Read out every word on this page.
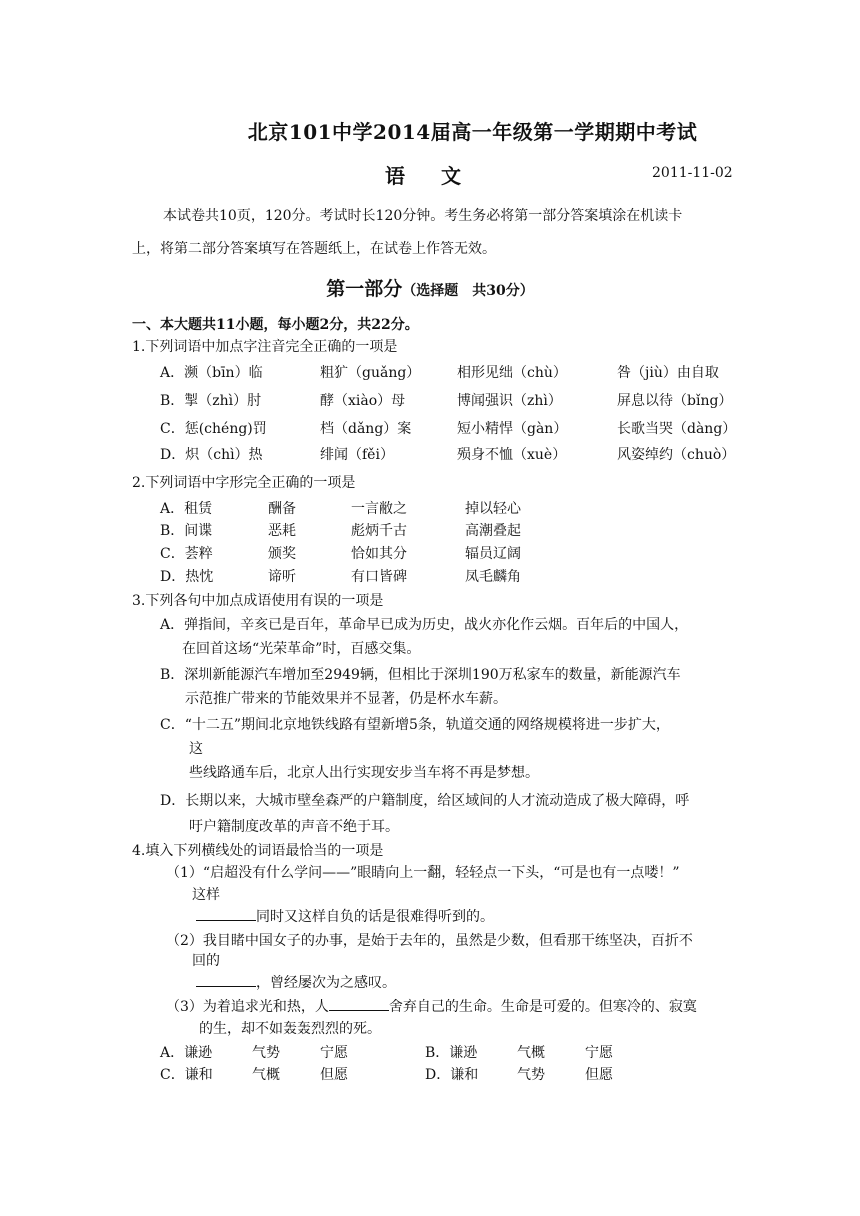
北京101中学2014届高一年级第一学期期中考试
语文	2011-11-02
本试卷共10页，120分。考试时长120分钟。考生务必将第一部分答案填涂在机读卡
上，将第二部分答案填写在答题纸上，在试卷上作答无效。
第一部分（选择题　共30分）
一、本大题共11小题，每小题2分，共22分。
1.下列词语中加点字注音完全正确的一项是
A．濒（bīn）临	粗犷（guǎng）	相形见绌（chù）	咎（jiù）由自取
B．掣（zhì）肘	酵（xiào）母	博闻强识（zhì）	屏息以待（bǐng）
C．惩(chéng)罚	档（dǎng）案	短小精悍（gàn）	长歌当哭（dàng）
D．炽（chì）热	绯闻（fěi）	殒身不恤（xuè）	风姿绰约（chuò）
2.下列词语中字形完全正确的一项是
A．租赁	酬备	一言敝之	掉以轻心
B．间谍	恶耗	彪炳千古	高潮叠起
C．荟粹	颁奖	恰如其分	辐员辽阔
D．热忱	谛听	有口皆碑	凤毛麟角
3.下列各句中加点成语使用有误的一项是
A．弹指间，辛亥已是百年，革命早已成为历史，战火亦化作云烟。百年后的中国人，
在回首这场“光荣革命”时，百感交集。
B．深圳新能源汽车增加至2949辆，但相比于深圳190万私家车的数量，新能源汽车
示范推广带来的节能效果并不显著，仍是杯水车薪。
C．“十二五”期间北京地铁线路有望新增5条，轨道交通的网络规模将进一步扩大，
这
些线路通车后，北京人出行实现安步当车将不再是梦想。
D．长期以来，大城市壁垒森严的户籍制度，给区域间的人才流动造成了极大障碍，呼
吁户籍制度改革的声音不绝于耳。
4.填入下列横线处的词语最恰当的一项是
（1）“启超没有什么学问——”眼睛向上一翻，轻轻点一下头，“可是也有一点喽！”
这样
同时又这样自负的话是很难得听到的。
（2）我目睹中国女子的办事，是始于去年的，虽然是少数，但看那干练坚决，百折不
回的
，曾经屡次为之感叹。
（3）为着追求光和热，人	舍弃自己的生命。生命是可爱的。但寒冷的、寂寞
的生，却不如轰轰烈烈的死。
A．谦逊	气势	宁愿	B．谦逊	气概	宁愿
C．谦和	气概	但愿	D．谦和	气势	但愿
